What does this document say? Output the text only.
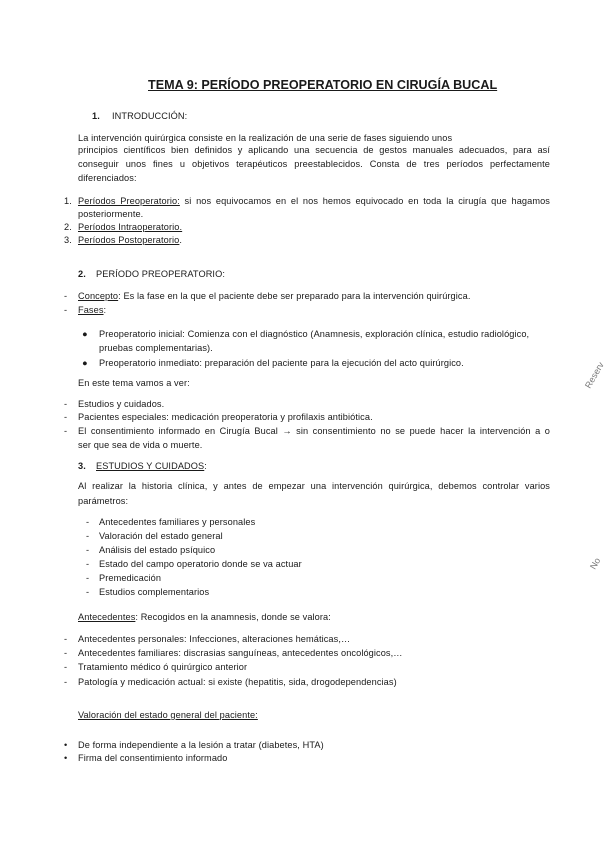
TEMA 9: PERÍODO PREOPERATORIO EN CIRUGÍA BUCAL
Reserv
No
1. INTRODUCCIÓN:
La intervención quirúrgica consiste en la realización de una serie de fases siguiendo unos
principios científicos bien definidos y aplicando una secuencia de gestos manuales adecuados, para así
conseguir unos fines u objetivos terapéuticos preestablecidos. Consta de tres períodos perfectamente
diferenciados:
1. Períodos Preoperatorio: si nos equivocamos en el nos hemos equivocado en toda la cirugía que hagamos
posteriormente.
2. Períodos Intraoperatorio.
3. Períodos Postoperatorio.
2. PERÍODO PREOPERATORIO:
- Concepto: Es la fase en la que el paciente debe ser preparado para la intervención quirúrgica.
- Fases:
● Preoperatorio inicial: Comienza con el diagnóstico (Anamnesis, exploración clínica, estudio radiológico,
pruebas complementarias).
● Preoperatorio inmediato: preparación del paciente para la ejecución del acto quirúrgico.
En este tema vamos a ver:
- Estudios y cuidados.
- Pacientes especiales: medicación preoperatoria y profilaxis antibiótica.
- El consentimiento informado en Cirugía Bucal → sin consentimiento no se puede hacer la intervención a o
ser que sea de vida o muerte.
3. ESTUDIOS Y CUIDADOS:
Al realizar la historia clínica, y antes de empezar una intervención quirúrgica, debemos controlar varios
parámetros:
- Antecedentes familiares y personales
- Valoración del estado general
- Análisis del estado psíquico
- Estado del campo operatorio donde se va actuar
- Premedicación
- Estudios complementarios
Antecedentes: Recogidos en la anamnesis, donde se valora:
- Antecedentes personales: Infecciones, alteraciones hemáticas,…
- Antecedentes familiares: discrasias sanguíneas, antecedentes oncológicos,…
- Tratamiento médico ó quirúrgico anterior
- Patología y medicación actual: si existe (hepatitis, sida, drogodependencias)
Valoración del estado general del paciente:
• De forma independiente a la lesión a tratar (diabetes, HTA)
• Firma del consentimiento informado
